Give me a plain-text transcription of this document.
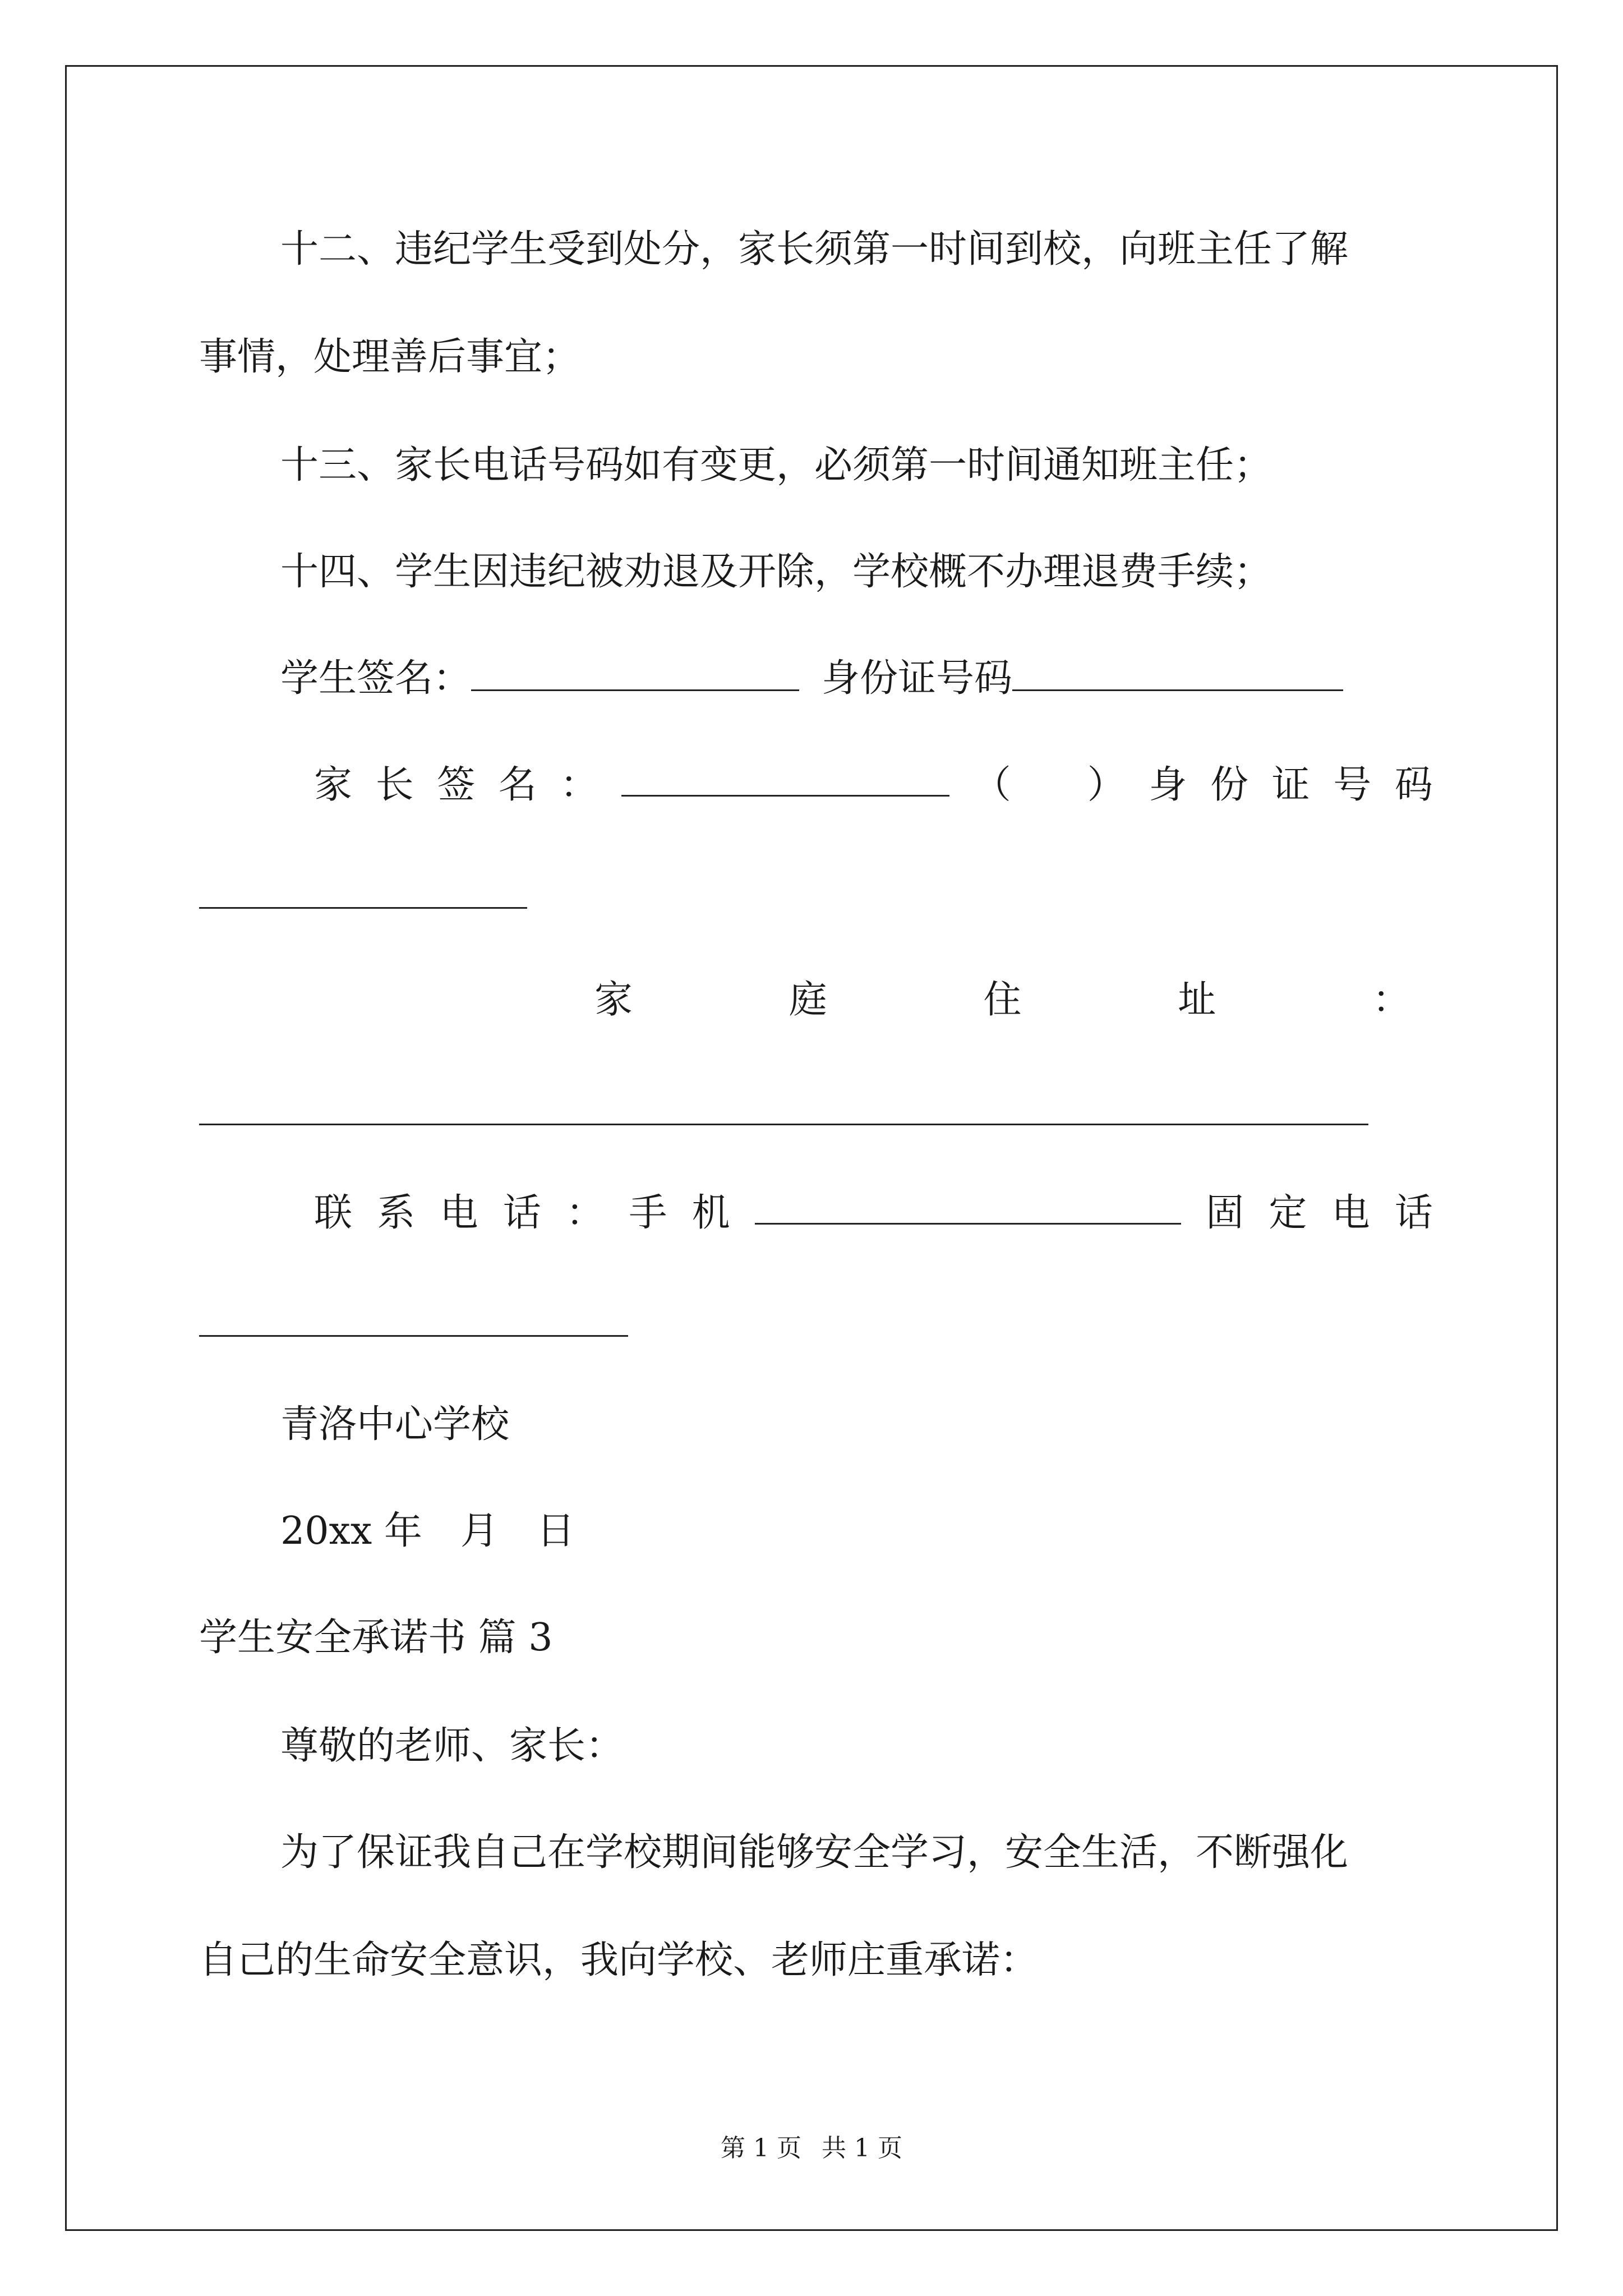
十二、违纪学生受到处分，家长须第一时间到校，向班主任了解
事情，处理善后事宜；
十三、家长电话号码如有变更，必须第一时间通知班主任；
十四、学生因违纪被劝退及开除，学校概不办理退费手续；
学生签名：	身份证号码
家 长 签 名 ：	（　　） 身 份 证 号 码
家	庭	住	址	：
联 系 电 话 ： 手 机	固 定 电 话
青洛中心学校
20xx 年　月　日
学生安全承诺书 篇 3
尊敬的老师、家长：
为了保证我自己在学校期间能够安全学习，安全生活，不断强化
自己的生命安全意识，我向学校、老师庄重承诺：
第 1 页 共 1 页
